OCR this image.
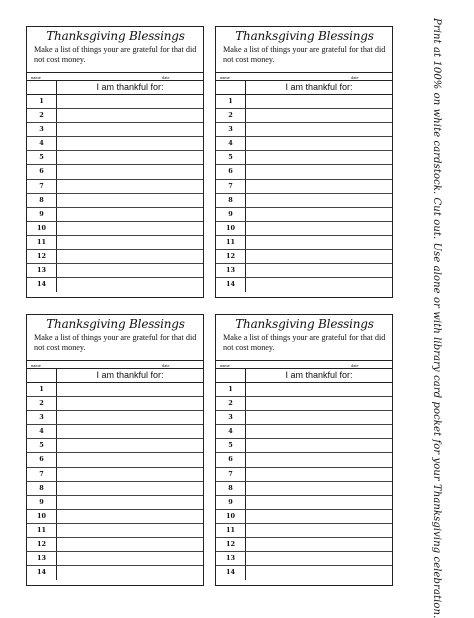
Thanksgiving Blessings
Make a list of things your are grateful for that did not cost money.
name	date
I am thankful for:
1
2
3
4
5
6
7
8
9
10
11
12
13
14
Thanksgiving Blessings
Make a list of things your are grateful for that did not cost money.
name	date
I am thankful for:
1
2
3
4
5
6
7
8
9
10
11
12
13
14
Thanksgiving Blessings
Make a list of things your are grateful for that did not cost money.
name	date
I am thankful for:
1
2
3
4
5
6
7
8
9
10
11
12
13
14
Thanksgiving Blessings
Make a list of things your are grateful for that did not cost money.
name	date
I am thankful for:
1
2
3
4
5
6
7
8
9
10
11
12
13
14	Print at 100% on white cardstock. Cut out. Use alone or with library card pocket for your Thanksgiving celebration.
